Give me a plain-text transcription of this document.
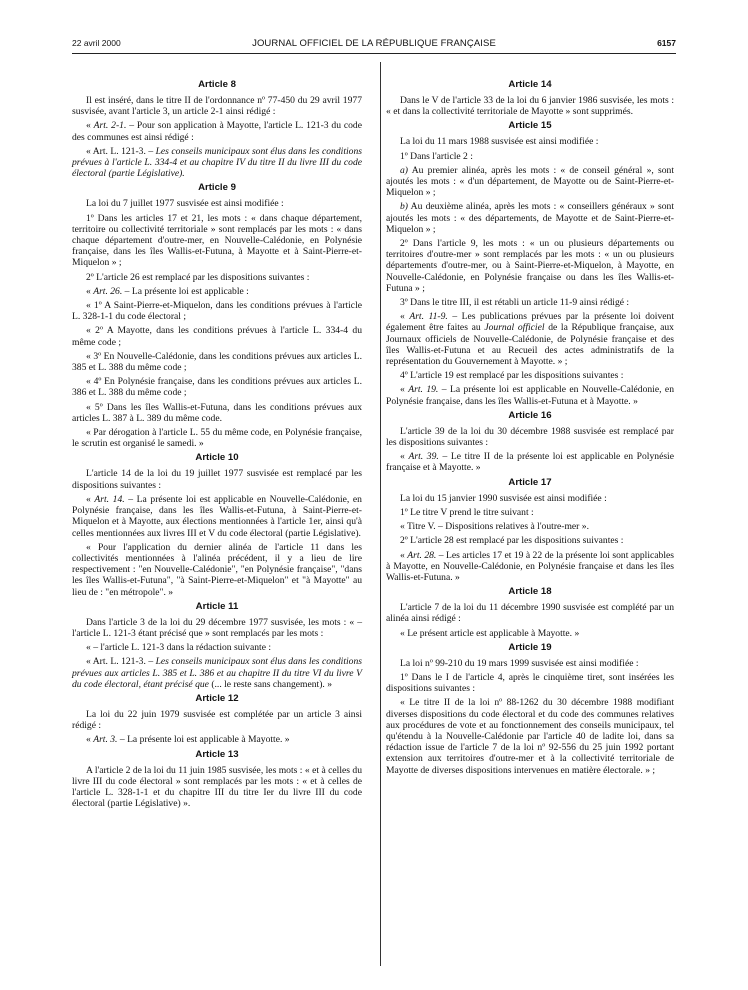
22 avril 2000	JOURNAL OFFICIEL DE LA RÉPUBLIQUE FRANÇAISE	6157
Article 8

Il est inséré, dans le titre II de l'ordonnance nº 77-450 du 29 avril 1977 susvisée, avant l'article 3, un article 2-1 ainsi rédigé :

« Art. 2-1. – Pour son application à Mayotte, l'article L. 121-3 du code des communes est ainsi rédigé :

« Art. L. 121-3. – Les conseils municipaux sont élus dans les conditions prévues à l'article L. 334-4 et au chapitre IV du titre II du livre III du code électoral (partie Législative).

Article 9

La loi du 7 juillet 1977 susvisée est ainsi modifiée :

1º Dans les articles 17 et 21, les mots : « dans chaque département, territoire ou collectivité territoriale » sont remplacés par les mots : « dans chaque département d'outre-mer, en Nouvelle-Calédonie, en Polynésie française, dans les îles Wallis-et-Futuna, à Mayotte et à Saint-Pierre-et-Miquelon » ;

2º L'article 26 est remplacé par les dispositions suivantes :

« Art. 26. – La présente loi est applicable :

« 1º A Saint-Pierre-et-Miquelon, dans les conditions prévues à l'article L. 328-1-1 du code électoral ;

« 2º A Mayotte, dans les conditions prévues à l'article L. 334-4 du même code ;

« 3º En Nouvelle-Calédonie, dans les conditions prévues aux articles L. 385 et L. 388 du même code ;

« 4º En Polynésie française, dans les conditions prévues aux articles L. 386 et L. 388 du même code ;

« 5º Dans les îles Wallis-et-Futuna, dans les conditions prévues aux articles L. 387 à L. 389 du même code.

« Par dérogation à l'article L. 55 du même code, en Polynésie française, le scrutin est organisé le samedi. »

Article 10

L'article 14 de la loi du 19 juillet 1977 susvisée est remplacé par les dispositions suivantes :

« Art. 14. – La présente loi est applicable en Nouvelle-Calédonie, en Polynésie française, dans les îles Wallis-et-Futuna, à Saint-Pierre-et-Miquelon et à Mayotte, aux élections mentionnées à l'article 1er, ainsi qu'à celles mentionnées aux livres III et V du code électoral (partie Législative).

« Pour l'application du dernier alinéa de l'article 11 dans les collectivités mentionnées à l'alinéa précédent, il y a lieu de lire respectivement : "en Nouvelle-Calédonie", "en Polynésie française", "dans les îles Wallis-et-Futuna", "à Saint-Pierre-et-Miquelon" et "à Mayotte" au lieu de : "en métropole". »

Article 11

Dans l'article 3 de la loi du 29 décembre 1977 susvisée, les mots : « – l'article L. 121-3 étant précisé que » sont remplacés par les mots :

« – l'article L. 121-3 dans la rédaction suivante :

« Art. L. 121-3. – Les conseils municipaux sont élus dans les conditions prévues aux articles L. 385 et L. 386 et au chapitre II du titre VI du livre V du code électoral, étant précisé que (... le reste sans changement). »

Article 12

La loi du 22 juin 1979 susvisée est complétée par un article 3 ainsi rédigé :

« Art. 3. – La présente loi est applicable à Mayotte. »

Article 13

A l'article 2 de la loi du 11 juin 1985 susvisée, les mots : « et à celles du livre III du code électoral » sont remplacés par les mots : « et à celles de l'article L. 328-1-1 et du chapitre III du titre Ier du livre III du code électoral (partie Législative) ».

Article 14

Dans le V de l'article 33 de la loi du 6 janvier 1986 susvisée, les mots : « et dans la collectivité territoriale de Mayotte » sont supprimés.

Article 15

La loi du 11 mars 1988 susvisée est ainsi modifiée :

1º Dans l'article 2 :

a) Au premier alinéa, après les mots : « de conseil général », sont ajoutés les mots : « d'un département, de Mayotte ou de Saint-Pierre-et-Miquelon » ;

b) Au deuxième alinéa, après les mots : « conseillers généraux » sont ajoutés les mots : « des départements, de Mayotte et de Saint-Pierre-et-Miquelon » ;

2º Dans l'article 9, les mots : « un ou plusieurs départements ou territoires d'outre-mer » sont remplacés par les mots : « un ou plusieurs départements d'outre-mer, ou à Saint-Pierre-et-Miquelon, à Mayotte, en Nouvelle-Calédonie, en Polynésie française ou dans les îles Wallis-et-Futuna » ;

3º Dans le titre III, il est rétabli un article 11-9 ainsi rédigé :

« Art. 11-9. – Les publications prévues par la présente loi doivent également être faites au Journal officiel de la République française, aux Journaux officiels de Nouvelle-Calédonie, de Polynésie française et des îles Wallis-et-Futuna et au Recueil des actes administratifs de la représentation du Gouvernement à Mayotte. » ;

4º L'article 19 est remplacé par les dispositions suivantes :

« Art. 19. – La présente loi est applicable en Nouvelle-Calédonie, en Polynésie française, dans les îles Wallis-et-Futuna et à Mayotte. »

Article 16

L'article 39 de la loi du 30 décembre 1988 susvisée est remplacé par les dispositions suivantes :

« Art. 39. – Le titre II de la présente loi est applicable en Polynésie française et à Mayotte. »

Article 17

La loi du 15 janvier 1990 susvisée est ainsi modifiée :

1º Le titre V prend le titre suivant :

« Titre V. – Dispositions relatives à l'outre-mer ».

2º L'article 28 est remplacé par les dispositions suivantes :

« Art. 28. – Les articles 17 et 19 à 22 de la présente loi sont applicables à Mayotte, en Nouvelle-Calédonie, en Polynésie française et dans les îles Wallis-et-Futuna. »

Article 18

L'article 7 de la loi du 11 décembre 1990 susvisée est complété par un alinéa ainsi rédigé :

« Le présent article est applicable à Mayotte. »

Article 19

La loi nº 99-210 du 19 mars 1999 susvisée est ainsi modifiée :

1º Dans le I de l'article 4, après le cinquième tiret, sont insérées les dispositions suivantes :

« Le titre II de la loi nº 88-1262 du 30 décembre 1988 modifiant diverses dispositions du code électoral et du code des communes relatives aux procédures de vote et au fonctionnement des conseils municipaux, tel qu'étendu à la Nouvelle-Calédonie par l'article 40 de ladite loi, dans sa rédaction issue de l'article 7 de la loi nº 92-556 du 25 juin 1992 portant extension aux territoires d'outre-mer et à la collectivité territoriale de Mayotte de diverses dispositions intervenues en matière électorale. » ;
